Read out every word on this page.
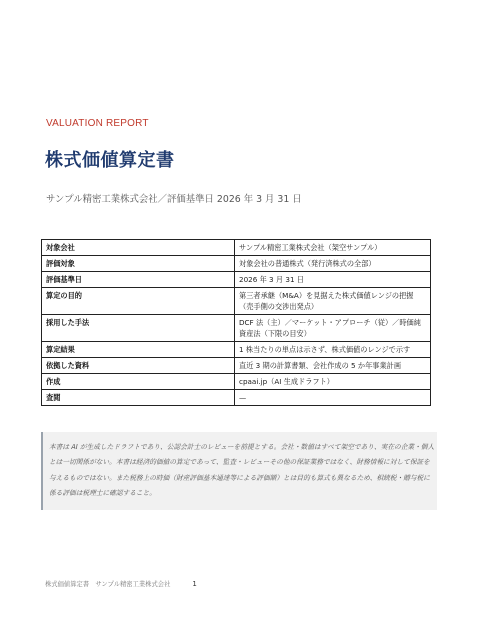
VALUATION REPORT
株式価値算定書
サンプル精密工業株式会社／評価基準日 2026 年 3 月 31 日
対象会社	サンプル精密工業株式会社（架空サンプル）
評価対象	対象会社の普通株式（発行済株式の全部）
評価基準日	2026 年 3 月 31 日
算定の目的	第三者承継（M&A）を見据えた株式価値レンジの把握（売手側の交渉出発点）
採用した手法	DCF 法（主）／マーケット・アプローチ（従）／時価純資産法（下限の目安）
算定結果	1 株当たりの単点は示さず、株式価値のレンジで示す
依拠した資料	直近 3 期の計算書類、会社作成の 5 か年事業計画
作成	cpaai.jp（AI 生成ドラフト）
査閲	—
本書は AI が生成したドラフトであり、公認会計士のレビューを前提とする。会社・数値はすべて架空であり、実在の企業・個人とは一切関係がない。本書は経済的価値の算定であって、監査・レビューその他の保証業務ではなく、財務情報に対して保証を与えるものではない。また税務上の時価（財産評価基本通達等による評価額）とは目的も算式も異なるため、相続税・贈与税に係る評価は税理士に確認すること。
株式価値算定書　サンプル精密工業株式会社	1
